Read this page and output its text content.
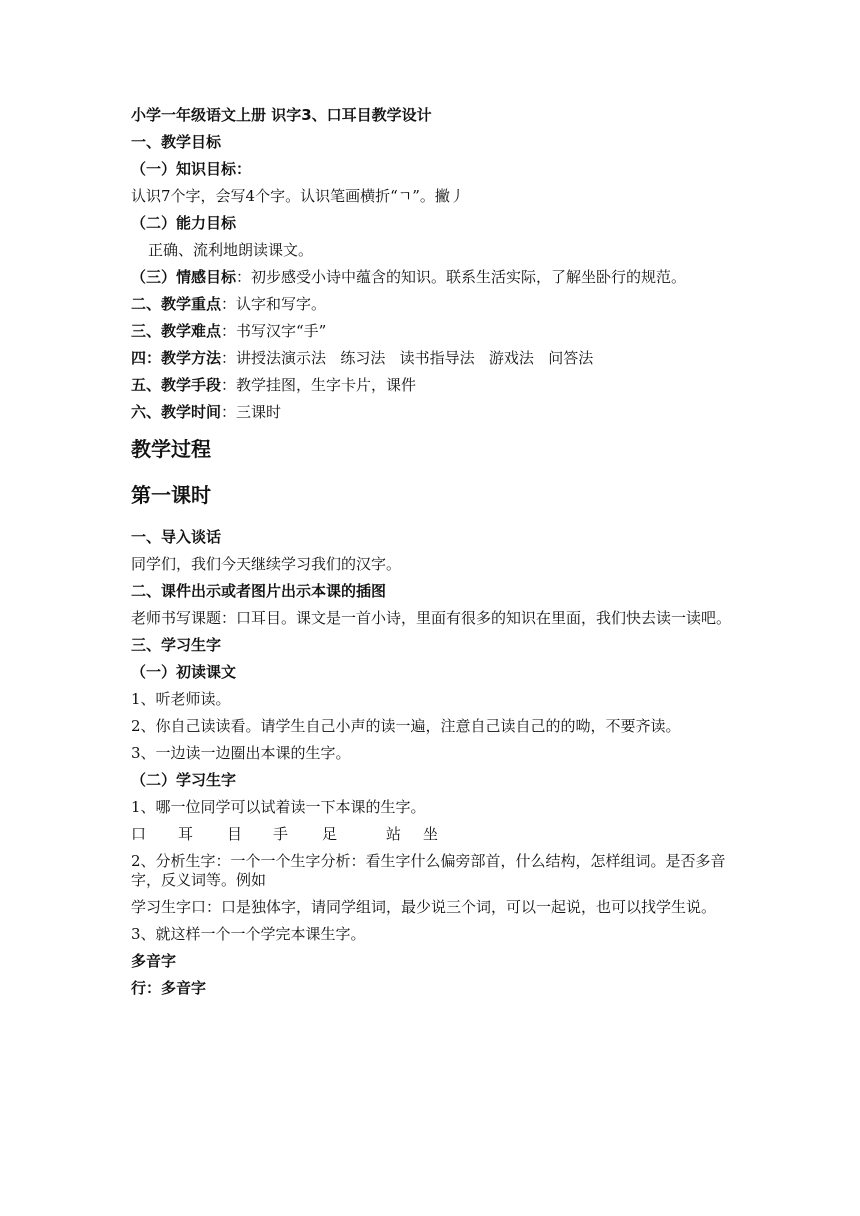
小学一年级语文上册 识字3、口耳目教学设计

一、教学目标

（一）知识目标：

认识7个字，会写4个字。认识笔画横折“ㄱ”。撇丿

（二）能力目标

正确、流利地朗读课文。

（三）情感目标：初步感受小诗中蕴含的知识。联系生活实际，了解坐卧行的规范。

二、教学重点：认字和写字。

三、教学难点：书写汉字“手”

四：教学方法：讲授法演示法   练习法   读书指导法   游戏法   问答法

五、教学手段：教学挂图，生字卡片，课件

六、教学时间：三课时

教学过程
第一课时

一、导入谈话

同学们，我们今天继续学习我们的汉字。

二、课件出示或者图片出示本课的插图

老师书写课题：口耳目。课文是一首小诗，里面有很多的知识在里面，我们快去读一读吧。

三、学习生字

（一）初读课文

1、听老师读。

2、你自己读读看。请学生自己小声的读一遍，注意自己读自己的的呦，不要齐读。

3、一边读一边圈出本课的生字。

（二）学习生字

1、哪一位同学可以试着读一下本课的生字。

口	耳	目	手	足	站	坐

2、分析生字：一个一个生字分析：看生字什么偏旁部首，什么结构，怎样组词。是否多音字，反义词等。例如

学习生字口：口是独体字，请同学组词，最少说三个词，可以一起说，也可以找学生说。

3、就这样一个一个学完本课生字。

多音字

行：多音字
